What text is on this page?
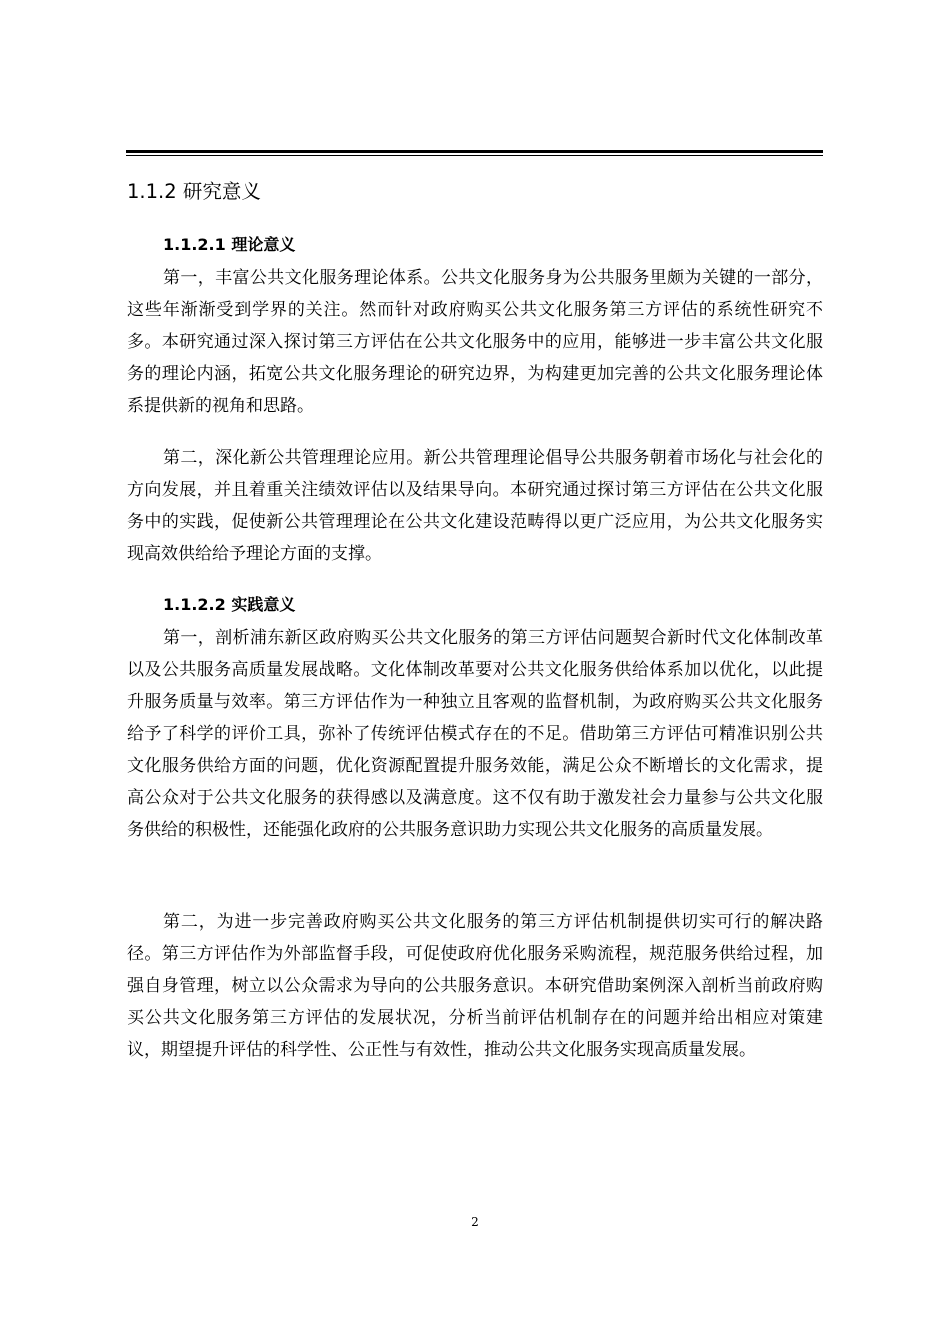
1.1.2 研究意义
1.1.2.1 理论意义

第一，丰富公共文化服务理论体系。公共文化服务身为公共服务里颇为关键的一部分，这些年渐渐受到学界的关注。然而针对政府购买公共文化服务第三方评估的系统性研究不多。本研究通过深入探讨第三方评估在公共文化服务中的应用，能够进一步丰富公共文化服务的理论内涵，拓宽公共文化服务理论的研究边界，为构建更加完善的公共文化服务理论体系提供新的视角和思路。

第二，深化新公共管理理论应用。新公共管理理论倡导公共服务朝着市场化与社会化的方向发展，并且着重关注绩效评估以及结果导向。本研究通过探讨第三方评估在公共文化服务中的实践，促使新公共管理理论在公共文化建设范畴得以更广泛应用，为公共文化服务实现高效供给给予理论方面的支撑。

1.1.2.2 实践意义

第一，剖析浦东新区政府购买公共文化服务的第三方评估问题契合新时代文化体制改革以及公共服务高质量发展战略。文化体制改革要对公共文化服务供给体系加以优化，以此提升服务质量与效率。第三方评估作为一种独立且客观的监督机制，为政府购买公共文化服务给予了科学的评价工具，弥补了传统评估模式存在的不足。借助第三方评估可精准识别公共文化服务供给方面的问题，优化资源配置提升服务效能，满足公众不断增长的文化需求，提高公众对于公共文化服务的获得感以及满意度。这不仅有助于激发社会力量参与公共文化服务供给的积极性，还能强化政府的公共服务意识助力实现公共文化服务的高质量发展。

第二，为进一步完善政府购买公共文化服务的第三方评估机制提供切实可行的解决路径。第三方评估作为外部监督手段，可促使政府优化服务采购流程，规范服务供给过程，加强自身管理，树立以公众需求为导向的公共服务意识。本研究借助案例深入剖析当前政府购买公共文化服务第三方评估的发展状况，分析当前评估机制存在的问题并给出相应对策建议，期望提升评估的科学性、公正性与有效性，推动公共文化服务实现高质量发展。

2
